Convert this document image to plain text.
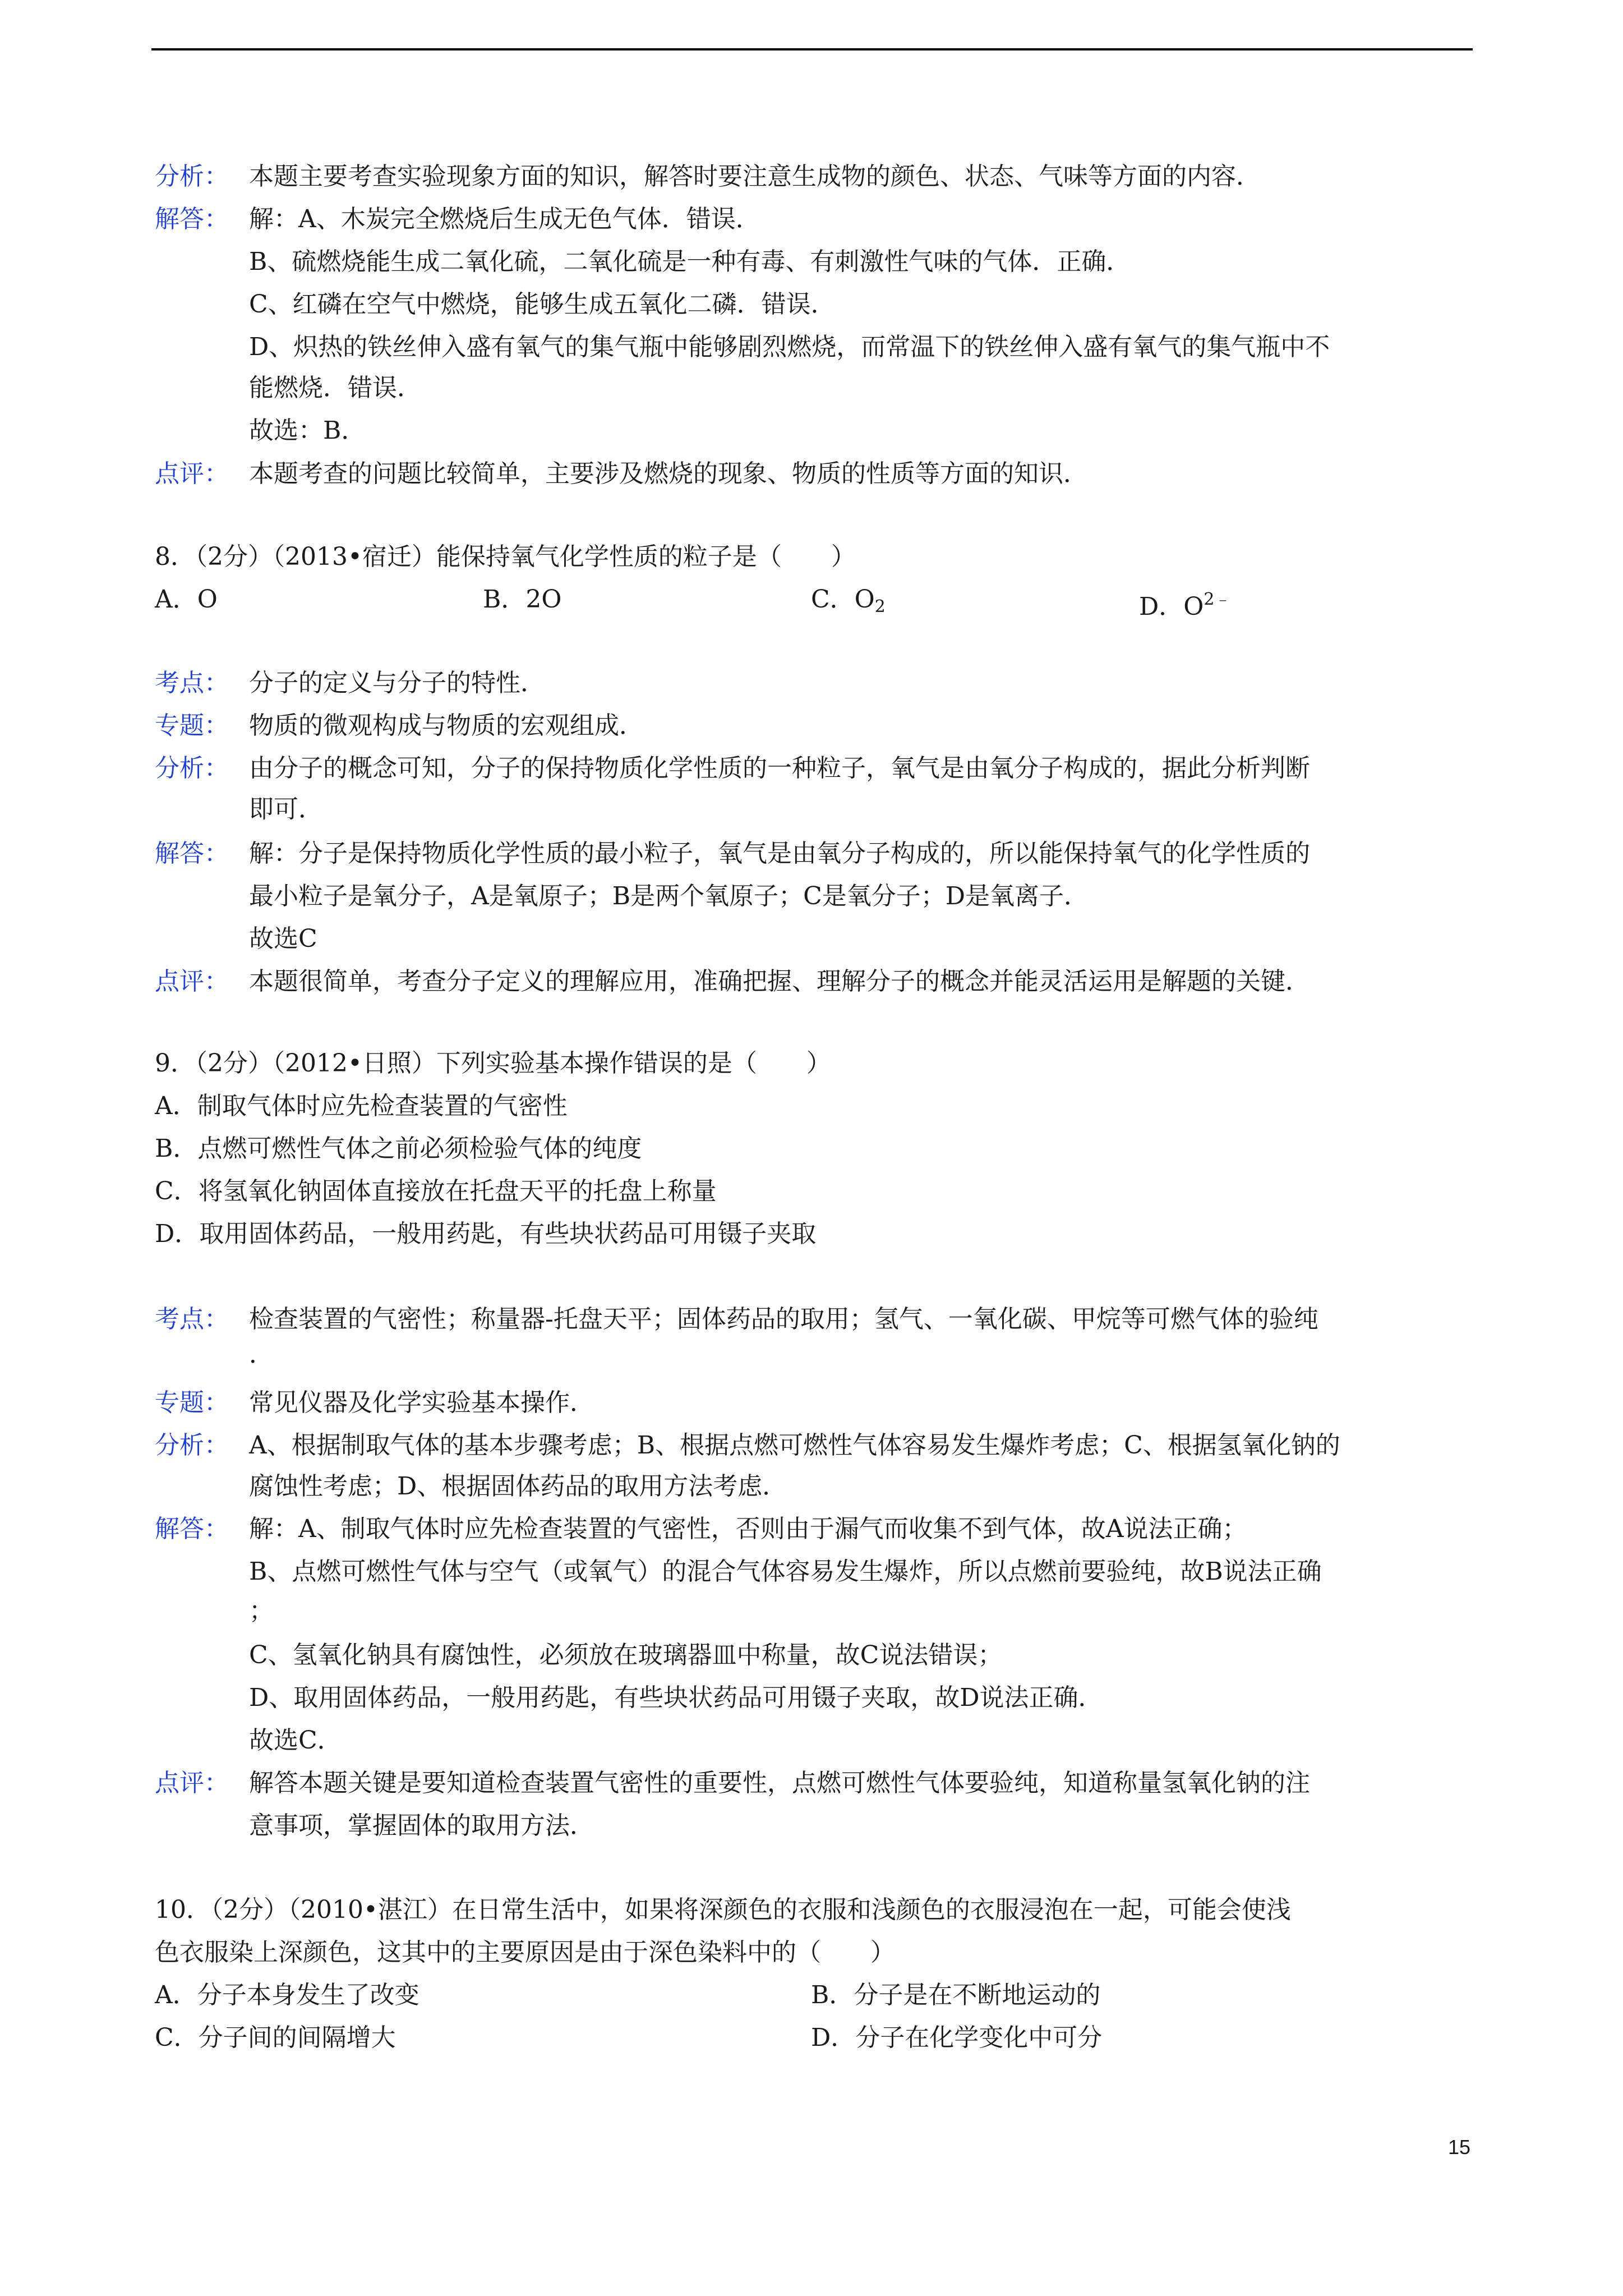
分析： 本题主要考查实验现象方面的知识，解答时要注意生成物的颜色、状态、气味等方面的内容．
解答： 解：A、木炭完全燃烧后生成无色气体．错误．
B、硫燃烧能生成二氧化硫，二氧化硫是一种有毒、有刺激性气味的气体．正确．
C、红磷在空气中燃烧，能够生成五氧化二磷．错误．
D、炽热的铁丝伸入盛有氧气的集气瓶中能够剧烈燃烧，而常温下的铁丝伸入盛有氧气的集气瓶中不
能燃烧．错误．
故选：B．
点评： 本题考查的问题比较简单，主要涉及燃烧的现象、物质的性质等方面的知识．
8．（2分）（2013•宿迁）能保持氧气化学性质的粒子是（　　）
A．O	B．2O	C．$O_2$	D．$O^{2﹣}$
考点： 分子的定义与分子的特性．
专题： 物质的微观构成与物质的宏观组成．
分析： 由分子的概念可知，分子的保持物质化学性质的一种粒子，氧气是由氧分子构成的，据此分析判断
即可．
解答： 解：分子是保持物质化学性质的最小粒子，氧气是由氧分子构成的，所以能保持氧气的化学性质的
最小粒子是氧分子，A是氧原子；B是两个氧原子；C是氧分子；D是氧离子．
故选C
点评： 本题很简单，考查分子定义的理解应用，准确把握、理解分子的概念并能灵活运用是解题的关键．
9．（2分）（2012•日照）下列实验基本操作错误的是（　　）
A．制取气体时应先检查装置的气密性
B．点燃可燃性气体之前必须检验气体的纯度
C．将氢氧化钠固体直接放在托盘天平的托盘上称量
D．取用固体药品，一般用药匙，有些块状药品可用镊子夹取
考点： 检查装置的气密性；称量器-托盘天平；固体药品的取用；氢气、一氧化碳、甲烷等可燃气体的验纯
．
专题： 常见仪器及化学实验基本操作．
分析： A、根据制取气体的基本步骤考虑；B、根据点燃可燃性气体容易发生爆炸考虑；C、根据氢氧化钠的
腐蚀性考虑；D、根据固体药品的取用方法考虑．
解答： 解：A、制取气体时应先检查装置的气密性，否则由于漏气而收集不到气体，故A说法正确；
B、点燃可燃性气体与空气（或氧气）的混合气体容易发生爆炸，所以点燃前要验纯，故B说法正确
；
C、氢氧化钠具有腐蚀性，必须放在玻璃器皿中称量，故C说法错误；
D、取用固体药品，一般用药匙，有些块状药品可用镊子夹取，故D说法正确．
故选C．
点评： 解答本题关键是要知道检查装置气密性的重要性，点燃可燃性气体要验纯，知道称量氢氧化钠的注
意事项，掌握固体的取用方法．
10．（2分）（2010•湛江）在日常生活中，如果将深颜色的衣服和浅颜色的衣服浸泡在一起，可能会使浅
色衣服染上深颜色，这其中的主要原因是由于深色染料中的（　　）
A．分子本身发生了改变	B．分子是在不断地运动的
C．分子间的间隔增大	D．分子在化学变化中可分
15
